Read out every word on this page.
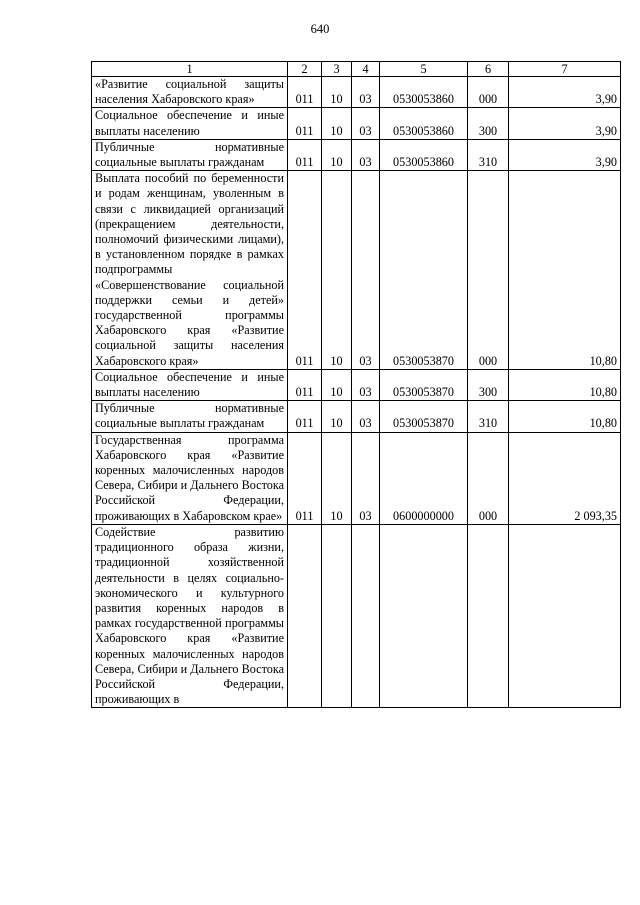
640
1	2	3	4	5	6	7

«Развитие социальной защиты населения Хабаровского края»	011	10	03	0530053860	000	3,90

Социальное обеспечение и иные выплаты населению	011	10	03	0530053860	300	3,90

Публичные нормативные социальные выплаты гражданам	011	10	03	0530053860	310	3,90

Выплата пособий по беременности и родам женщинам, уволенным в связи с ликвидацией организаций (прекращением деятельности, полномочий физическими лицами), в установленном порядке в рамках подпрограммы «Совершенствование социальной поддержки семьи и детей» государственной программы Хабаровского края «Развитие социальной защиты населения Хабаровского края»	011	10	03	0530053870	000	10,80

Социальное обеспечение и иные выплаты населению	011	10	03	0530053870	300	10,80

Публичные нормативные социальные выплаты гражданам	011	10	03	0530053870	310	10,80

Государственная программа Хабаровского края «Развитие коренных малочисленных народов Севера, Сибири и Дальнего Востока Российской Федерации, проживающих в Хабаровском крае»	011	10	03	0600000000	000	2 093,35

Содействие развитию традиционного образа жизни, традиционной хозяйственной деятельности в целях социально-экономического и культурного развития коренных народов в рамках государственной программы Хабаровского края «Развитие коренных малочисленных народов Севера, Сибири и Дальнего Востока Российской Федерации, проживающих в						
